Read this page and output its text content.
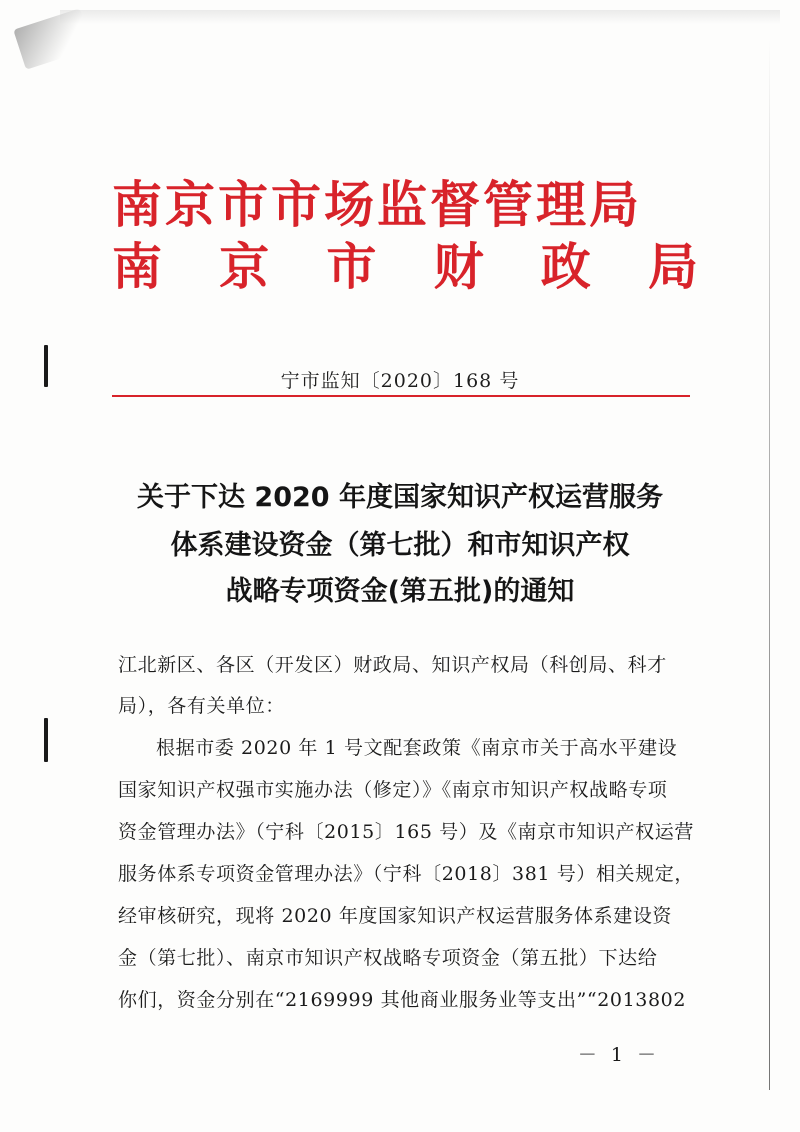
南京市市场监督管理局
南 京 市 财 政 局
宁市监知〔2020〕168 号
关于下达 2020 年度国家知识产权运营服务
体系建设资金（第七批）和市知识产权
战略专项资金(第五批)的通知
江北新区、各区（开发区）财政局、知识产权局（科创局、科才
局），各有关单位：
根据市委 2020 年 1 号文配套政策《南京市关于高水平建设
国家知识产权强市实施办法（修定）》《南京市知识产权战略专项
资金管理办法》（宁科〔2015〕165 号）及《南京市知识产权运营
服务体系专项资金管理办法》（宁科〔2018〕381 号）相关规定，
经审核研究，现将 2020 年度国家知识产权运营服务体系建设资
金（第七批）、南京市知识产权战略专项资金（第五批）下达给
你们，资金分别在“2169999 其他商业服务业等支出”“2013802
－ 1 －
